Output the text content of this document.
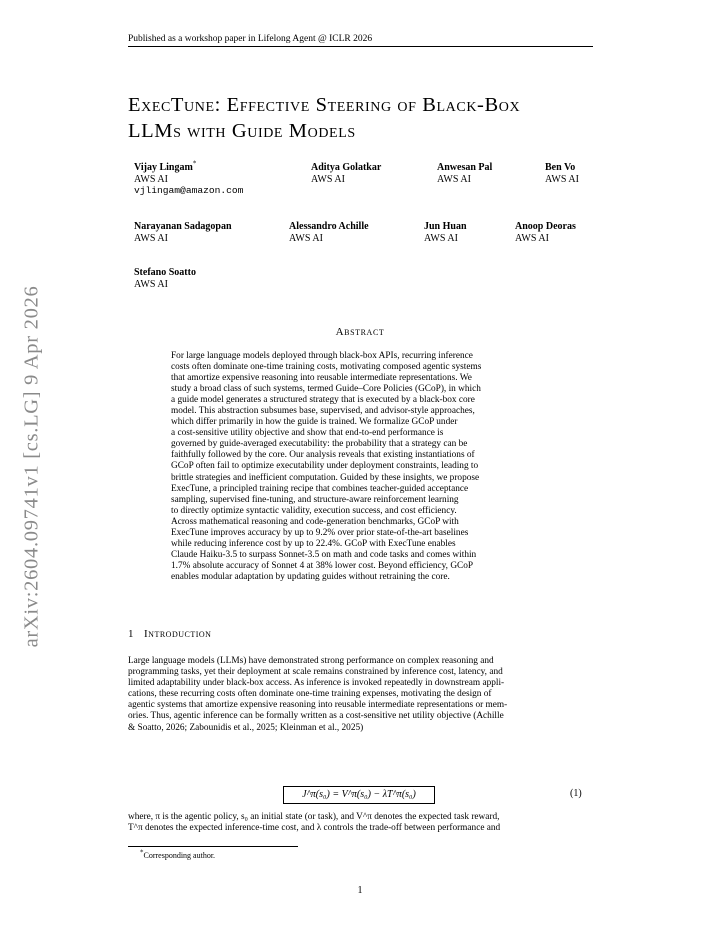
Published as a workshop paper in Lifelong Agent @ ICLR 2026
arXiv:2604.09741v1 [cs.LG] 9 Apr 2026
ExecTune: Effective Steering of Black-Box
LLMs with Guide Models
Vijay Lingam*
AWS AI
vjlingam@amazon.com
Aditya Golatkar
AWS AI
Anwesan Pal
AWS AI
Ben Vo
AWS AI
Narayanan Sadagopan
AWS AI
Alessandro Achille
AWS AI
Jun Huan
AWS AI
Anoop Deoras
AWS AI
Stefano Soatto
AWS AI
Abstract
For large language models deployed through black-box APIs, recurring inference
costs often dominate one-time training costs, motivating composed agentic systems
that amortize expensive reasoning into reusable intermediate representations. We
study a broad class of such systems, termed Guide–Core Policies (GCoP), in which
a guide model generates a structured strategy that is executed by a black-box core
model. This abstraction subsumes base, supervised, and advisor-style approaches,
which differ primarily in how the guide is trained. We formalize GCoP under
a cost-sensitive utility objective and show that end-to-end performance is
governed by guide-averaged executability: the probability that a strategy can be
faithfully followed by the core. Our analysis reveals that existing instantiations of
GCoP often fail to optimize executability under deployment constraints, leading to
brittle strategies and inefficient computation. Guided by these insights, we propose
ExecTune, a principled training recipe that combines teacher-guided acceptance
sampling, supervised fine-tuning, and structure-aware reinforcement learning
to directly optimize syntactic validity, execution success, and cost efficiency.
Across mathematical reasoning and code-generation benchmarks, GCoP with
ExecTune improves accuracy by up to 9.2% over prior state-of-the-art baselines
while reducing inference cost by up to 22.4%. GCoP with ExecTune enables
Claude Haiku-3.5 to surpass Sonnet-3.5 on math and code tasks and comes within
1.7% absolute accuracy of Sonnet 4 at 38% lower cost. Beyond efficiency, GCoP
enables modular adaptation by updating guides without retraining the core.
1 Introduction
Large language models (LLMs) have demonstrated strong performance on complex reasoning and
programming tasks, yet their deployment at scale remains constrained by inference cost, latency, and
limited adaptability under black-box access. As inference is invoked repeatedly in downstream appli-
cations, these recurring costs often dominate one-time training expenses, motivating the design of
agentic systems that amortize expensive reasoning into reusable intermediate representations or mem-
ories. Thus, agentic inference can be formally written as a cost-sensitive net utility objective (Achille
& Soatto, 2026; Zabounidis et al., 2025; Kleinman et al., 2025)
J^π(s₀) = V^π(s₀) − λT^π(s₀)	(1)
where, π is the agentic policy, s₀ an initial state (or task), and V^π denotes the expected task reward,
T^π denotes the expected inference-time cost, and λ controls the trade-off between performance and
*Corresponding author.
1
